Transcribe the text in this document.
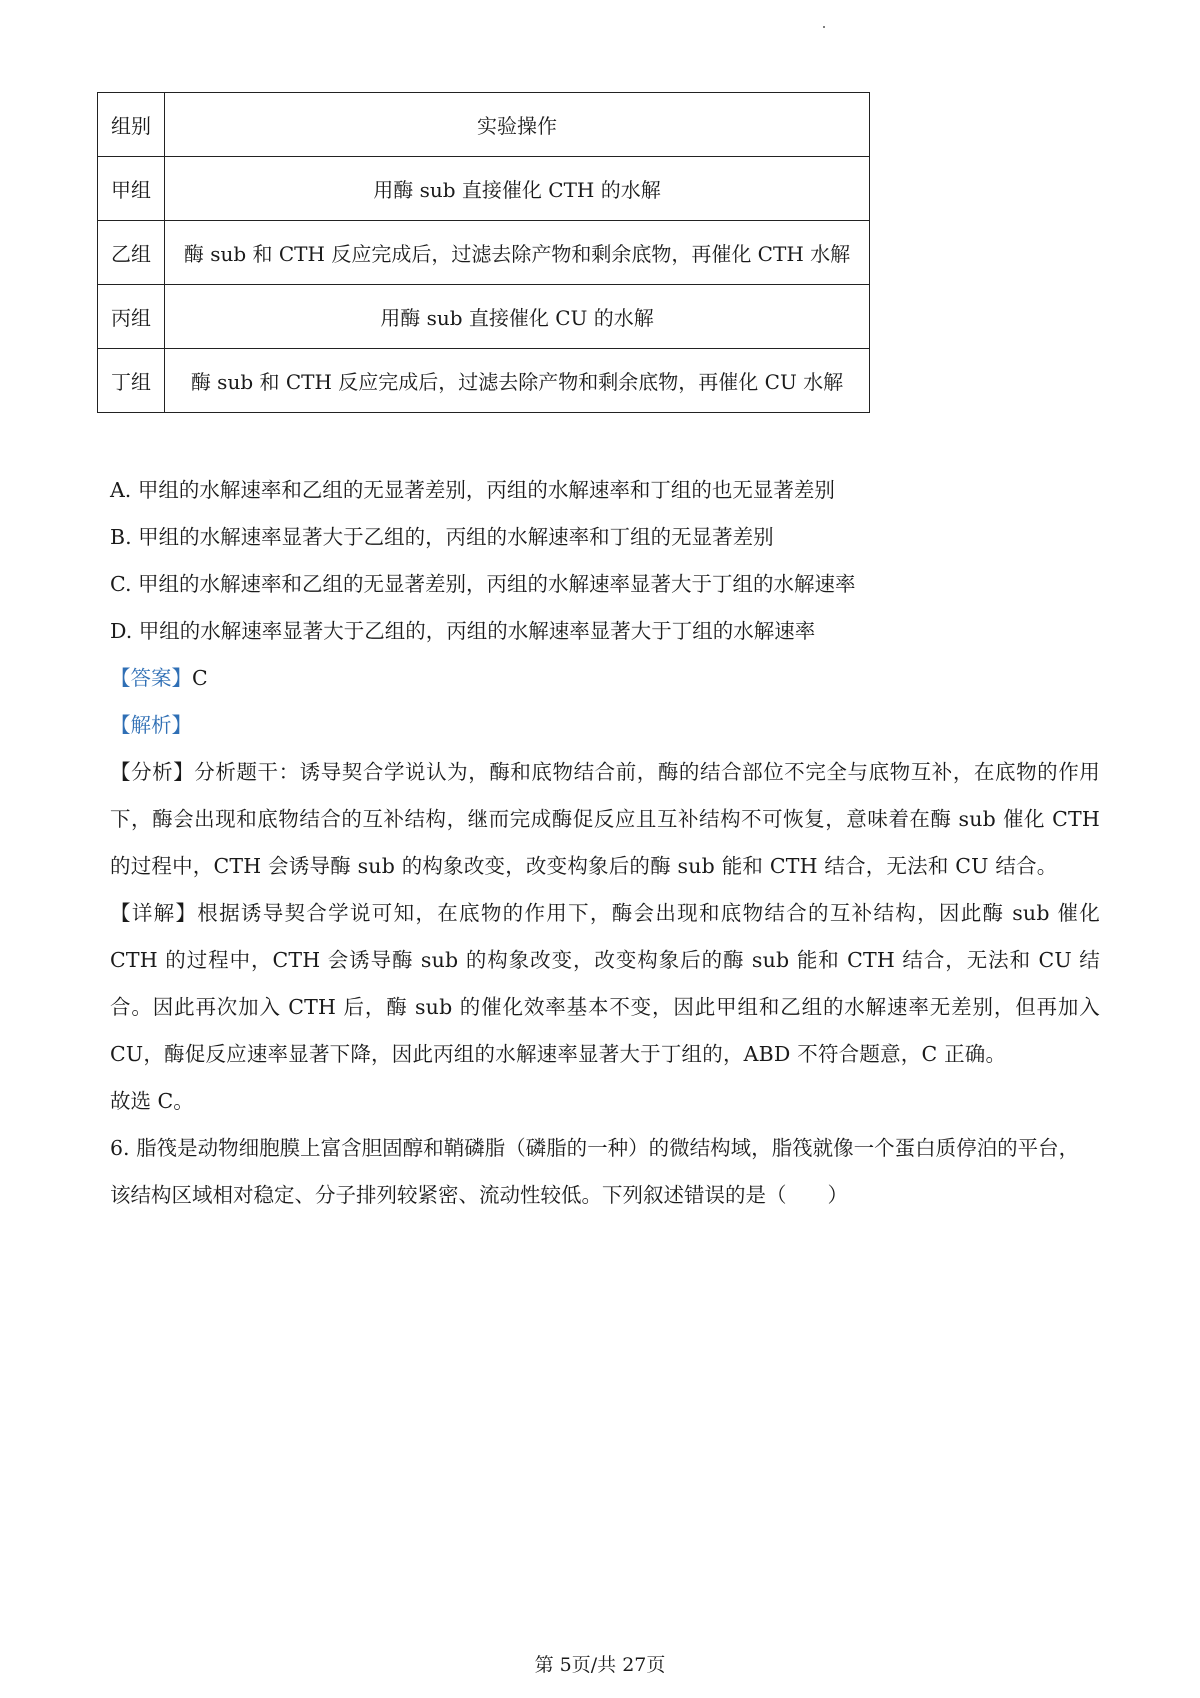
组别	实验操作
甲组	用酶 sub 直接催化 CTH 的水解
乙组	酶 sub 和 CTH 反应完成后，过滤去除产物和剩余底物，再催化 CTH 水解
丙组	用酶 sub 直接催化 CU 的水解
丁组	酶 sub 和 CTH 反应完成后，过滤去除产物和剩余底物，再催化 CU 水解
A. 甲组的水解速率和乙组的无显著差别，丙组的水解速率和丁组的也无显著差别
B. 甲组的水解速率显著大于乙组的，丙组的水解速率和丁组的无显著差别
C. 甲组的水解速率和乙组的无显著差别，丙组的水解速率显著大于丁组的水解速率
D. 甲组的水解速率显著大于乙组的，丙组的水解速率显著大于丁组的水解速率
【答案】C
【解析】
【分析】分析题干：诱导契合学说认为，酶和底物结合前，酶的结合部位不完全与底物互补，在底物的作用下，酶会出现和底物结合的互补结构，继而完成酶促反应且互补结构不可恢复，意味着在酶 sub 催化 CTH 的过程中，CTH 会诱导酶 sub 的构象改变，改变构象后的酶 sub 能和 CTH 结合，无法和 CU 结合。
【详解】根据诱导契合学说可知，在底物的作用下，酶会出现和底物结合的互补结构，因此酶 sub 催化 CTH 的过程中，CTH 会诱导酶 sub 的构象改变，改变构象后的酶 sub 能和 CTH 结合，无法和 CU 结合。因此再次加入 CTH 后，酶 sub 的催化效率基本不变，因此甲组和乙组的水解速率无差别，但再加入 CU，酶促反应速率显著下降，因此丙组的水解速率显著大于丁组的，ABD 不符合题意，C 正确。
故选 C。
6. 脂筏是动物细胞膜上富含胆固醇和鞘磷脂（磷脂的一种）的微结构域，脂筏就像一个蛋白质停泊的平台，
该结构区域相对稳定、分子排列较紧密、流动性较低。下列叙述错误的是（　　）
第 5页/共 27页
